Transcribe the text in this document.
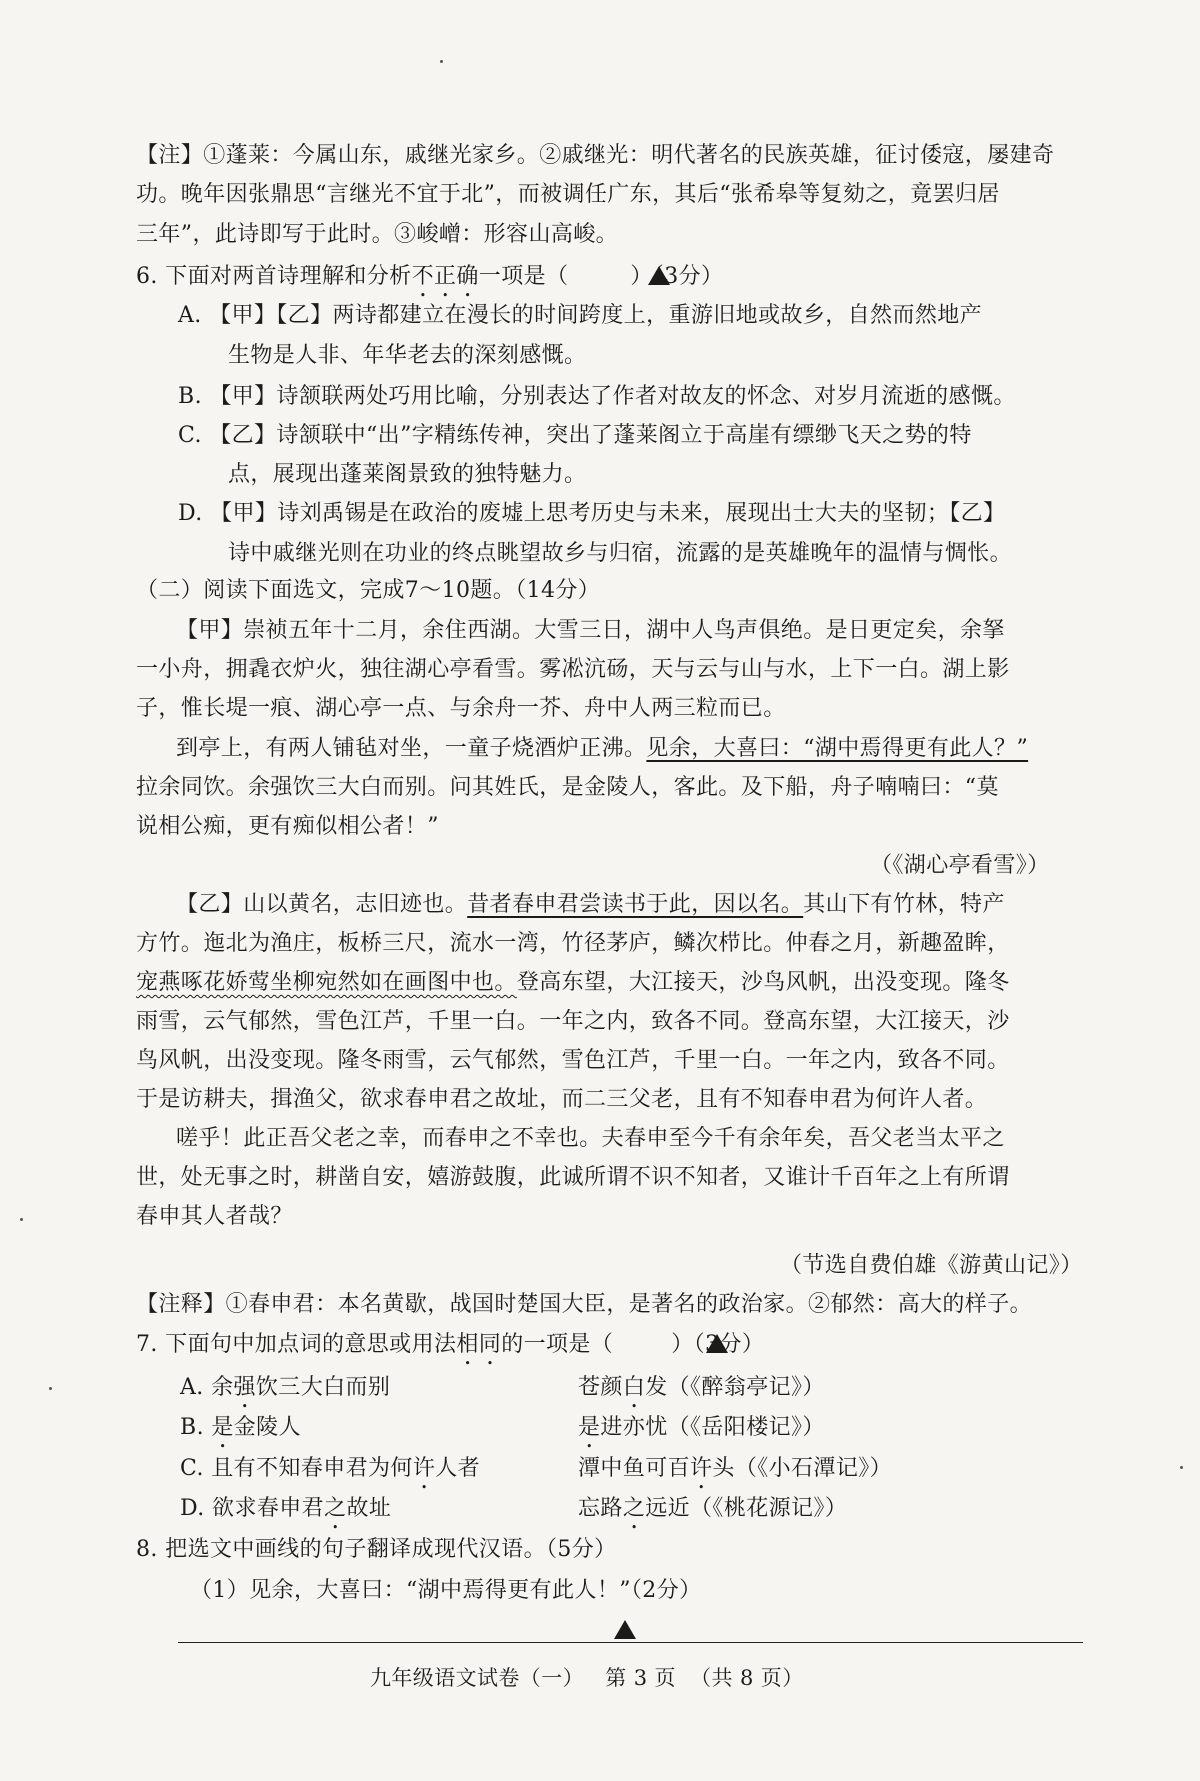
【注】①蓬莱：今属山东，戚继光家乡。②戚继光：明代著名的民族英雄，征讨倭寇，屡建奇
功。晚年因张鼎思“言继光不宜于北”，而被调任广东，其后“张希皋等复劾之，竟罢归居
三年”，此诗即写于此时。③峻嶒：形容山高峻。
6. 下面对两首诗理解和分析不正确一项是（	）（3分）
A. 【甲】【乙】两诗都建立在漫长的时间跨度上，重游旧地或故乡，自然而然地产
生物是人非、年华老去的深刻感慨。
B. 【甲】诗颔联两处巧用比喻，分别表达了作者对故友的怀念、对岁月流逝的感慨。
C. 【乙】诗颔联中“出”字精练传神，突出了蓬莱阁立于高崖有缥缈飞天之势的特
点，展现出蓬莱阁景致的独特魅力。
D. 【甲】诗刘禹锡是在政治的废墟上思考历史与未来，展现出士大夫的坚韧；【乙】
诗中戚继光则在功业的终点眺望故乡与归宿，流露的是英雄晚年的温情与惆怅。
（二）阅读下面选文，完成7～10题。（14分）
【甲】崇祯五年十二月，余住西湖。大雪三日，湖中人鸟声俱绝。是日更定矣，余拏
一小舟，拥毳衣炉火，独往湖心亭看雪。雾凇沆砀，天与云与山与水，上下一白。湖上影
子，惟长堤一痕、湖心亭一点、与余舟一芥、舟中人两三粒而已。
到亭上，有两人铺毡对坐，一童子烧酒炉正沸。见余，大喜曰：“湖中焉得更有此人？”
拉余同饮。余强饮三大白而别。问其姓氏，是金陵人，客此。及下船，舟子喃喃曰：“莫
说相公痴，更有痴似相公者！”
（《湖心亭看雪》）
【乙】山以黄名，志旧迹也。昔者春申君尝读书于此，因以名。其山下有竹林，特产
方竹。迤北为渔庄，板桥三尺，流水一湾，竹径茅庐，鳞次栉比。仲春之月，新趣盈眸，
宠燕啄花娇莺坐柳宛然如在画图中也。登高东望，大江接天，沙鸟风帆，出没变现。隆冬
雨雪，云气郁然，雪色江芦，千里一白。一年之内，致各不同。登高东望，大江接天，沙
鸟风帆，出没变现。隆冬雨雪，云气郁然，雪色江芦，千里一白。一年之内，致各不同。
于是访耕夫，揖渔父，欲求春申君之故址，而二三父老，且有不知春申君为何许人者。
嗟乎！此正吾父老之幸，而春申之不幸也。夫春申至今千有余年矣，吾父老当太平之
世，处无事之时，耕凿自安，嬉游鼓腹，此诚所谓不识不知者，又谁计千百年之上有所谓
春申其人者哉？
（节选自费伯雄《游黄山记》）
【注释】①春申君：本名黄歇，战国时楚国大臣，是著名的政治家。②郁然：高大的样子。
7. 下面句中加点词的意思或用法相同的一项是（	）（3分）
A. 余强饮三大白而别	苍颜白发（《醉翁亭记》）
B. 是金陵人	是进亦忧（《岳阳楼记》）
C. 且有不知春申君为何许人者	潭中鱼可百许头（《小石潭记》）
D. 欲求春申君之故址	忘路之远近（《桃花源记》）
8. 把选文中画线的句子翻译成现代汉语。（5分）
（1）见余，大喜曰：“湖中焉得更有此人！”（2分）
九年级语文试卷（一）   第 3 页  （共 8 页）
